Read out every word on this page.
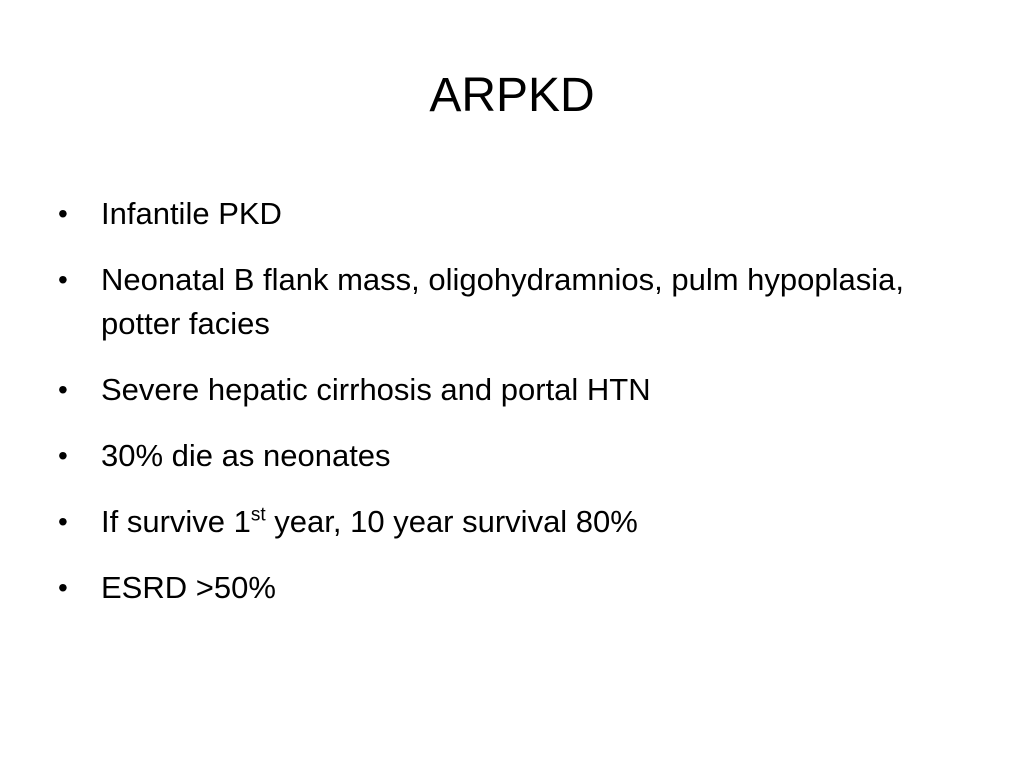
ARPKD
•	Infantile PKD
•	Neonatal B flank mass, oligohydramnios, pulm hypoplasia, potter facies
•	Severe hepatic cirrhosis and portal HTN
•	30% die as neonates
•	If survive 1st year, 10 year survival 80%
•	ESRD >50%
